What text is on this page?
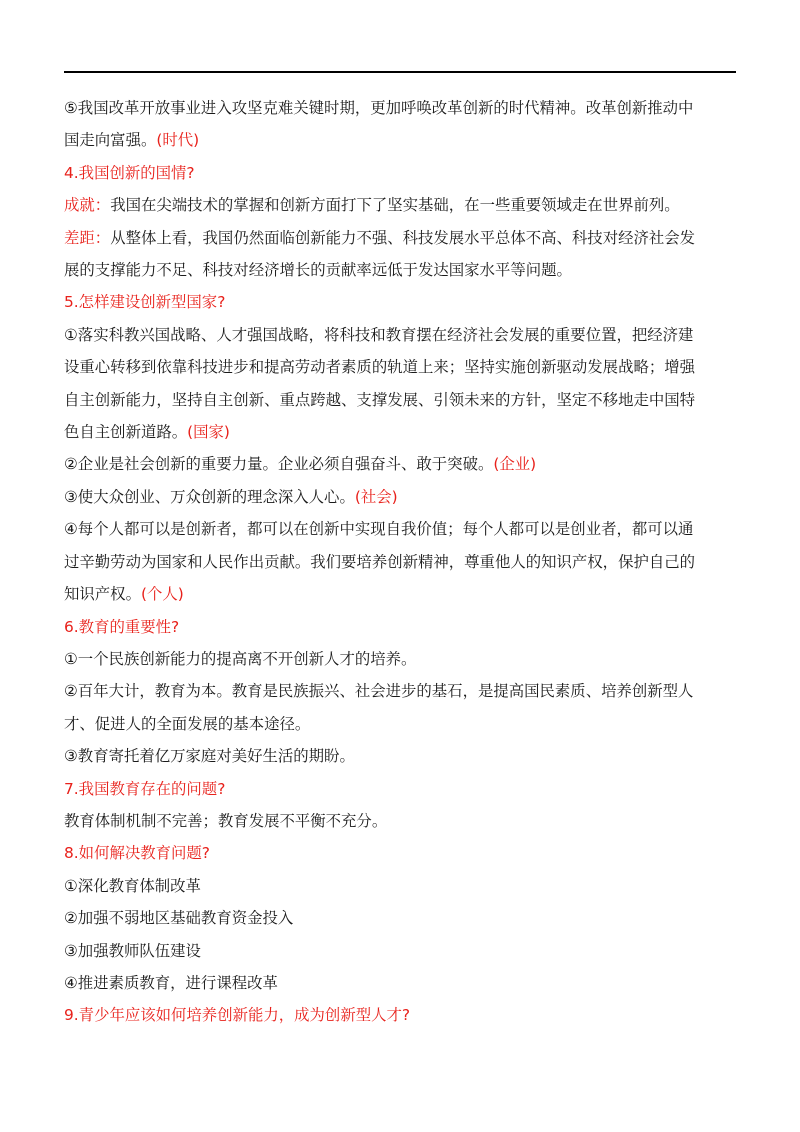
⑤我国改革开放事业进入攻坚克难关键时期，更加呼唤改革创新的时代精神。改革创新推动中
国走向富强。(时代)
4.我国创新的国情?
成就：我国在尖端技术的掌握和创新方面打下了坚实基础，在一些重要领域走在世界前列。
差距：从整体上看，我国仍然面临创新能力不强、科技发展水平总体不高、科技对经济社会发
展的支撑能力不足、科技对经济增长的贡献率远低于发达国家水平等问题。
5.怎样建设创新型国家?
①落实科教兴国战略、人才强国战略，将科技和教育摆在经济社会发展的重要位置，把经济建
设重心转移到依靠科技进步和提高劳动者素质的轨道上来；坚持实施创新驱动发展战略；增强
自主创新能力，坚持自主创新、重点跨越、支撑发展、引领未来的方针，坚定不移地走中国特
色自主创新道路。(国家)
②企业是社会创新的重要力量。企业必须自强奋斗、敢于突破。(企业)
③使大众创业、万众创新的理念深入人心。(社会)
④每个人都可以是创新者，都可以在创新中实现自我价值；每个人都可以是创业者，都可以通
过辛勤劳动为国家和人民作出贡献。我们要培养创新精神，尊重他人的知识产权，保护自己的
知识产权。(个人)
6.教育的重要性?
①一个民族创新能力的提高离不开创新人才的培养。
②百年大计，教育为本。教育是民族振兴、社会进步的基石，是提高国民素质、培养创新型人
才、促进人的全面发展的基本途径。
③教育寄托着亿万家庭对美好生活的期盼。
7.我国教育存在的问题?
教育体制机制不完善；教育发展不平衡不充分。
8.如何解决教育问题?
①深化教育体制改革
②加强不弱地区基础教育资金投入
③加强教师队伍建设
④推进素质教育，进行课程改革
9.青少年应该如何培养创新能力，成为创新型人才?
